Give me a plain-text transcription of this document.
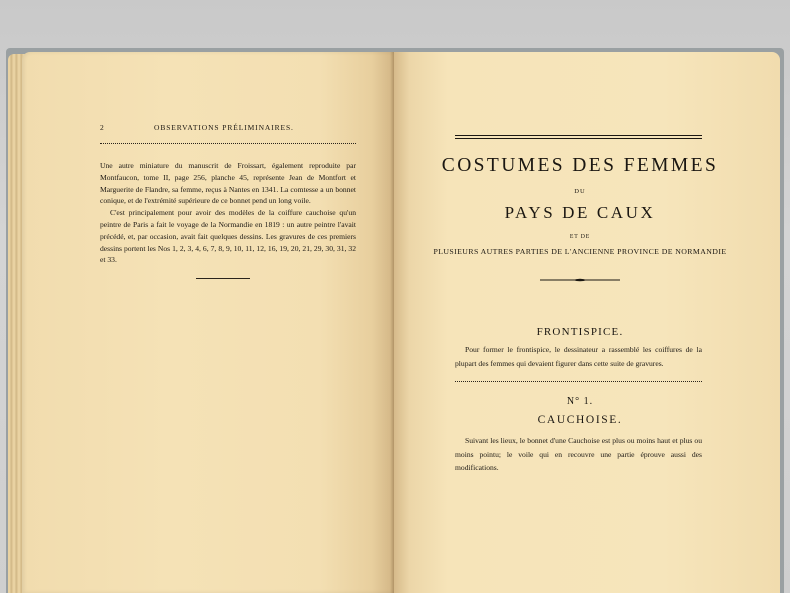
2	OBSERVATIONS PRÉLIMINAIRES.

Une autre miniature du manuscrit de Froissart, également reproduite par Montfaucon, tome II, page 256, planche 45, représente Jean de Montfort et Marguerite de Flandre, sa femme, reçus à Nantes en 1341. La comtesse a un bonnet conique, et de l'extrémité supérieure de ce bonnet pend un long voile.

C'est principalement pour avoir des modèles de la coiffure cauchoise qu'un peintre de Paris a fait le voyage de la Normandie en 1819 : un autre peintre l'avait précédé, et, par occasion, avait fait quelques dessins. Les gravures de ces premiers dessins portent les Nos 1, 2, 3, 4, 6, 7, 8, 9, 10, 11, 12, 16, 19, 20, 21, 29, 30, 31, 32 et 33.

COSTUMES DES FEMMES
DU
PAYS DE CAUX
ET DE
PLUSIEURS AUTRES PARTIES DE L'ANCIENNE PROVINCE DE NORMANDIE
FRONTISPICE.
Pour former le frontispice, le dessinateur a rassemblé les coiffures de la plupart des femmes qui devaient figurer dans cette suite de gravures.
N° 1.
CAUCHOISE.
Suivant les lieux, le bonnet d'une Cauchoise est plus ou moins haut et plus ou moins pointu; le voile qui en recouvre une partie éprouve aussi des modifications.
